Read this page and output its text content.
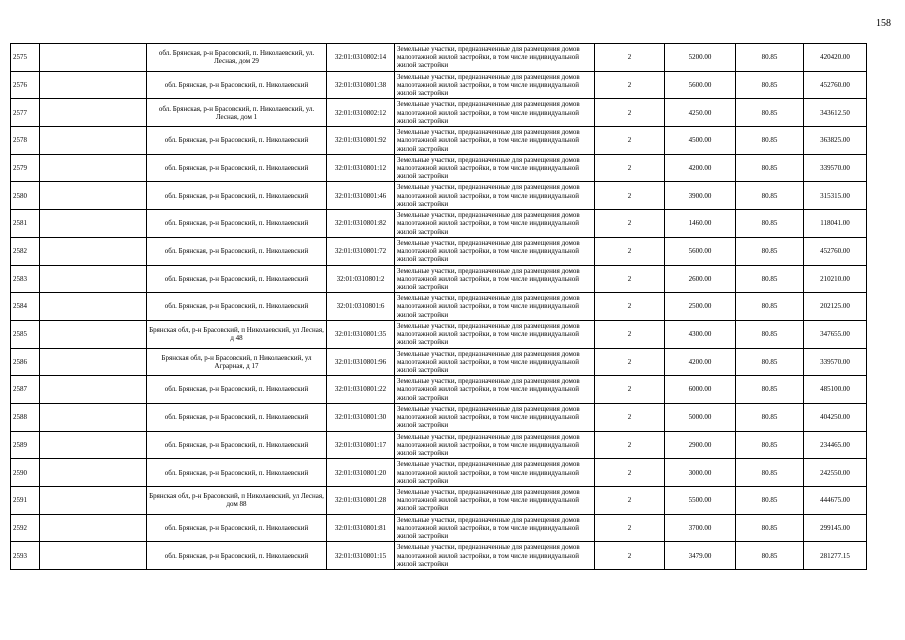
158
2575		обл. Брянская, р-н Брасовский, п. Николаевский, ул. Лесная, дом 29	32:01:0310802:14	Земельные участки, предназначенные для размещения домов малоэтажной жилой застройки, в том числе индивидуальной жилой застройки	2	5200.00	80.85	420420.00
2576		обл. Брянская, р-н Брасовский, п. Николаевский	32:01:0310801:38	Земельные участки, предназначенные для размещения домов малоэтажной жилой застройки, в том числе индивидуальной жилой застройки	2	5600.00	80.85	452760.00
2577		обл. Брянская, р-н Брасовский, п. Николаевский, ул. Лесная, дом 1	32:01:0310802:12	Земельные участки, предназначенные для размещения домов малоэтажной жилой застройки, в том числе индивидуальной жилой застройки	2	4250.00	80.85	343612.50
2578		обл. Брянская, р-н Брасовский, п. Николаевский	32:01:0310801:92	Земельные участки, предназначенные для размещения домов малоэтажной жилой застройки, в том числе индивидуальной жилой застройки	2	4500.00	80.85	363825.00
2579		обл. Брянская, р-н Брасовский, п. Николаевский	32:01:0310801:12	Земельные участки, предназначенные для размещения домов малоэтажной жилой застройки, в том числе индивидуальной жилой застройки	2	4200.00	80.85	339570.00
2580		обл. Брянская, р-н Брасовский, п. Николаевский	32:01:0310801:46	Земельные участки, предназначенные для размещения домов малоэтажной жилой застройки, в том числе индивидуальной жилой застройки	2	3900.00	80.85	315315.00
2581		обл. Брянская, р-н Брасовский, п. Николаевский	32:01:0310801:82	Земельные участки, предназначенные для размещения домов малоэтажной жилой застройки, в том числе индивидуальной жилой застройки	2	1460.00	80.85	118041.00
2582		обл. Брянская, р-н Брасовский, п. Николаевский	32:01:0310801:72	Земельные участки, предназначенные для размещения домов малоэтажной жилой застройки, в том числе индивидуальной жилой застройки	2	5600.00	80.85	452760.00
2583		обл. Брянская, р-н Брасовский, п. Николаевский	32:01:0310801:2	Земельные участки, предназначенные для размещения домов малоэтажной жилой застройки, в том числе индивидуальной жилой застройки	2	2600.00	80.85	210210.00
2584		обл. Брянская, р-н Брасовский, п. Николаевский	32:01:0310801:6	Земельные участки, предназначенные для размещения домов малоэтажной жилой застройки, в том числе индивидуальной жилой застройки	2	2500.00	80.85	202125.00
2585		Брянская обл, р-н Брасовский, п Николаевский, ул Лесная, д 48	32:01:0310801:35	Земельные участки, предназначенные для размещения домов малоэтажной жилой застройки, в том числе индивидуальной жилой застройки	2	4300.00	80.85	347655.00
2586		Брянская обл, р-н Брасовский, п Николаевский, ул Аграрная, д 17	32:01:0310801:96	Земельные участки, предназначенные для размещения домов малоэтажной жилой застройки, в том числе индивидуальной жилой застройки	2	4200.00	80.85	339570.00
2587		обл. Брянская, р-н Брасовский, п. Николаевский	32:01:0310801:22	Земельные участки, предназначенные для размещения домов малоэтажной жилой застройки, в том числе индивидуальной жилой застройки	2	6000.00	80.85	485100.00
2588		обл. Брянская, р-н Брасовский, п. Николаевский	32:01:0310801:30	Земельные участки, предназначенные для размещения домов малоэтажной жилой застройки, в том числе индивидуальной жилой застройки	2	5000.00	80.85	404250.00
2589		обл. Брянская, р-н Брасовский, п. Николаевский	32:01:0310801:17	Земельные участки, предназначенные для размещения домов малоэтажной жилой застройки, в том числе индивидуальной жилой застройки	2	2900.00	80.85	234465.00
2590		обл. Брянская, р-н Брасовский, п. Николаевский	32:01:0310801:20	Земельные участки, предназначенные для размещения домов малоэтажной жилой застройки, в том числе индивидуальной жилой застройки	2	3000.00	80.85	242550.00
2591		Брянская обл, р-н Брасовский, п Николаевский, ул Лесная, дом 88	32:01:0310801:28	Земельные участки, предназначенные для размещения домов малоэтажной жилой застройки, в том числе индивидуальной жилой застройки	2	5500.00	80.85	444675.00
2592		обл. Брянская, р-н Брасовский, п. Николаевский	32:01:0310801:81	Земельные участки, предназначенные для размещения домов малоэтажной жилой застройки, в том числе индивидуальной жилой застройки	2	3700.00	80.85	299145.00
2593		обл. Брянская, р-н Брасовский, п. Николаевский	32:01:0310801:15	Земельные участки, предназначенные для размещения домов малоэтажной жилой застройки, в том числе индивидуальной жилой застройки	2	3479.00	80.85	281277.15
